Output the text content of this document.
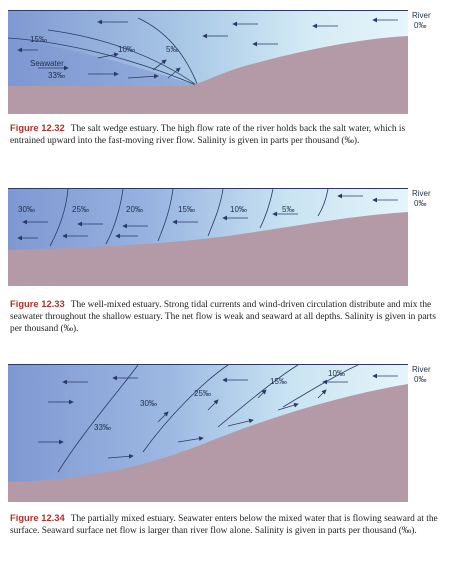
15‰
10‰	5‰
Seawater
33‰
River
0‰
Figure 12.32 The salt wedge estuary. The high flow rate of the river holds back the salt water, which is entrained upward into the fast-moving river flow. Salinity is given in parts per thousand (‰).
30‰	25‰	20‰	15‰	10‰	5‰
River
0‰
Figure 12.33 The well-mixed estuary. Strong tidal currents and wind-driven circulation distribute and mix the seawater throughout the shallow estuary. The net flow is weak and seaward at all depths. Salinity is given in parts per thousand (‰).
10‰
15‰
25‰
30‰
33‰
River
0‰
Figure 12.34 The partially mixed estuary. Seawater enters below the mixed water that is flowing seaward at the surface. Seaward surface net flow is larger than river flow alone. Salinity is given in parts per thousand (‰).
